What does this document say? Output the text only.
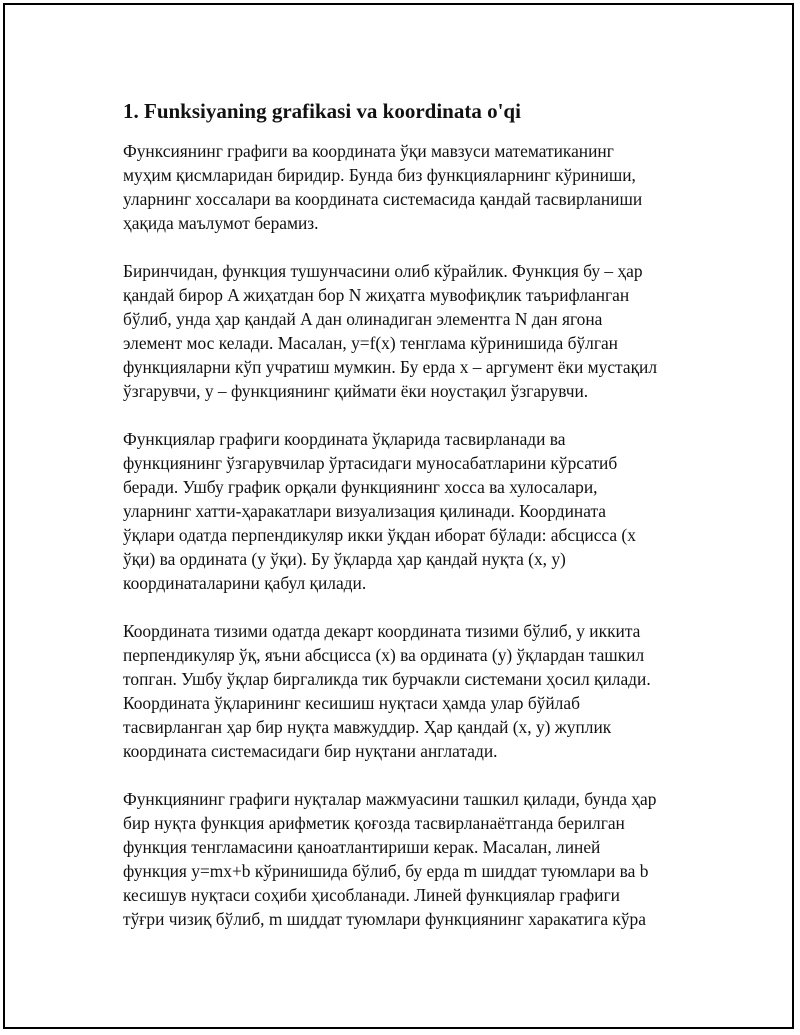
1. Funksiyaning grafikasi va koordinata o'qi

Функсиянинг графиги ва координата ўқи мавзуси математиканинг
муҳим қисмларидан биридир. Бунда биз функцияларнинг кўриниши,
уларнинг хоссалари ва координата системасида қандай тасвирланиши
ҳақида маълумот берамиз.

Биринчидан, функция тушунчасини олиб кўрайлик. Функция бу – ҳар
қандай бирор A жиҳатдан бор N жиҳатга мувофиқлик таърифланган
бўлиб, унда ҳар қандай A дан олинадиган элементга N дан ягона
элемент мос келади. Масалан, y=f(x) тенглама кўринишида бўлган
функцияларни кўп учратиш мумкин. Бу ерда x – аргумент ёки мустақил
ўзгарувчи, y – функциянинг қиймати ёки ноустақил ўзгарувчи.

Функциялар графиги координата ўқларида тасвирланади ва
функциянинг ўзгарувчилар ўртасидаги муносабатларини кўрсатиб
беради. Ушбу график орқали функциянинг хосса ва хулосалари,
уларнинг хатти-ҳаракатлари визуализация қилинади. Координата
ўқлари одатда перпендикуляр икки ўқдан иборат бўлади: абсцисса (x
ўқи) ва ордината (y ўқи). Бу ўқларда ҳар қандай нуқта (x, y)
координаталарини қабул қилади.

Координата тизими одатда декарт координата тизими бўлиб, у иккита
перпендикуляр ўқ, яъни абсцисса (x) ва ордината (y) ўқлардан ташкил
топган. Ушбу ўқлар биргаликда тик бурчакли системани ҳосил қилади.
Координата ўқларининг кесишиш нуқтаси ҳамда улар бўйлаб
тасвирланган ҳар бир нуқта мавжуддир. Ҳар қандай (x, y) жуплик
координата системасидаги бир нуқтани англатади.

Функциянинг графиги нуқталар мажмуасини ташкил қилади, бунда ҳар
бир нуқта функция арифметик қоғозда тасвирланаётганда берилган
функция тенгламасини қаноатлантириши керак. Масалан, линей
функция y=mx+b кўринишида бўлиб, бу ерда m шиддат туюмлари ва b
кесишув нуқтаси соҳиби ҳисобланади. Линей функциялар графиги
тўғри чизиқ бўлиб, m шиддат туюмлари функциянинг харакатига кўра
